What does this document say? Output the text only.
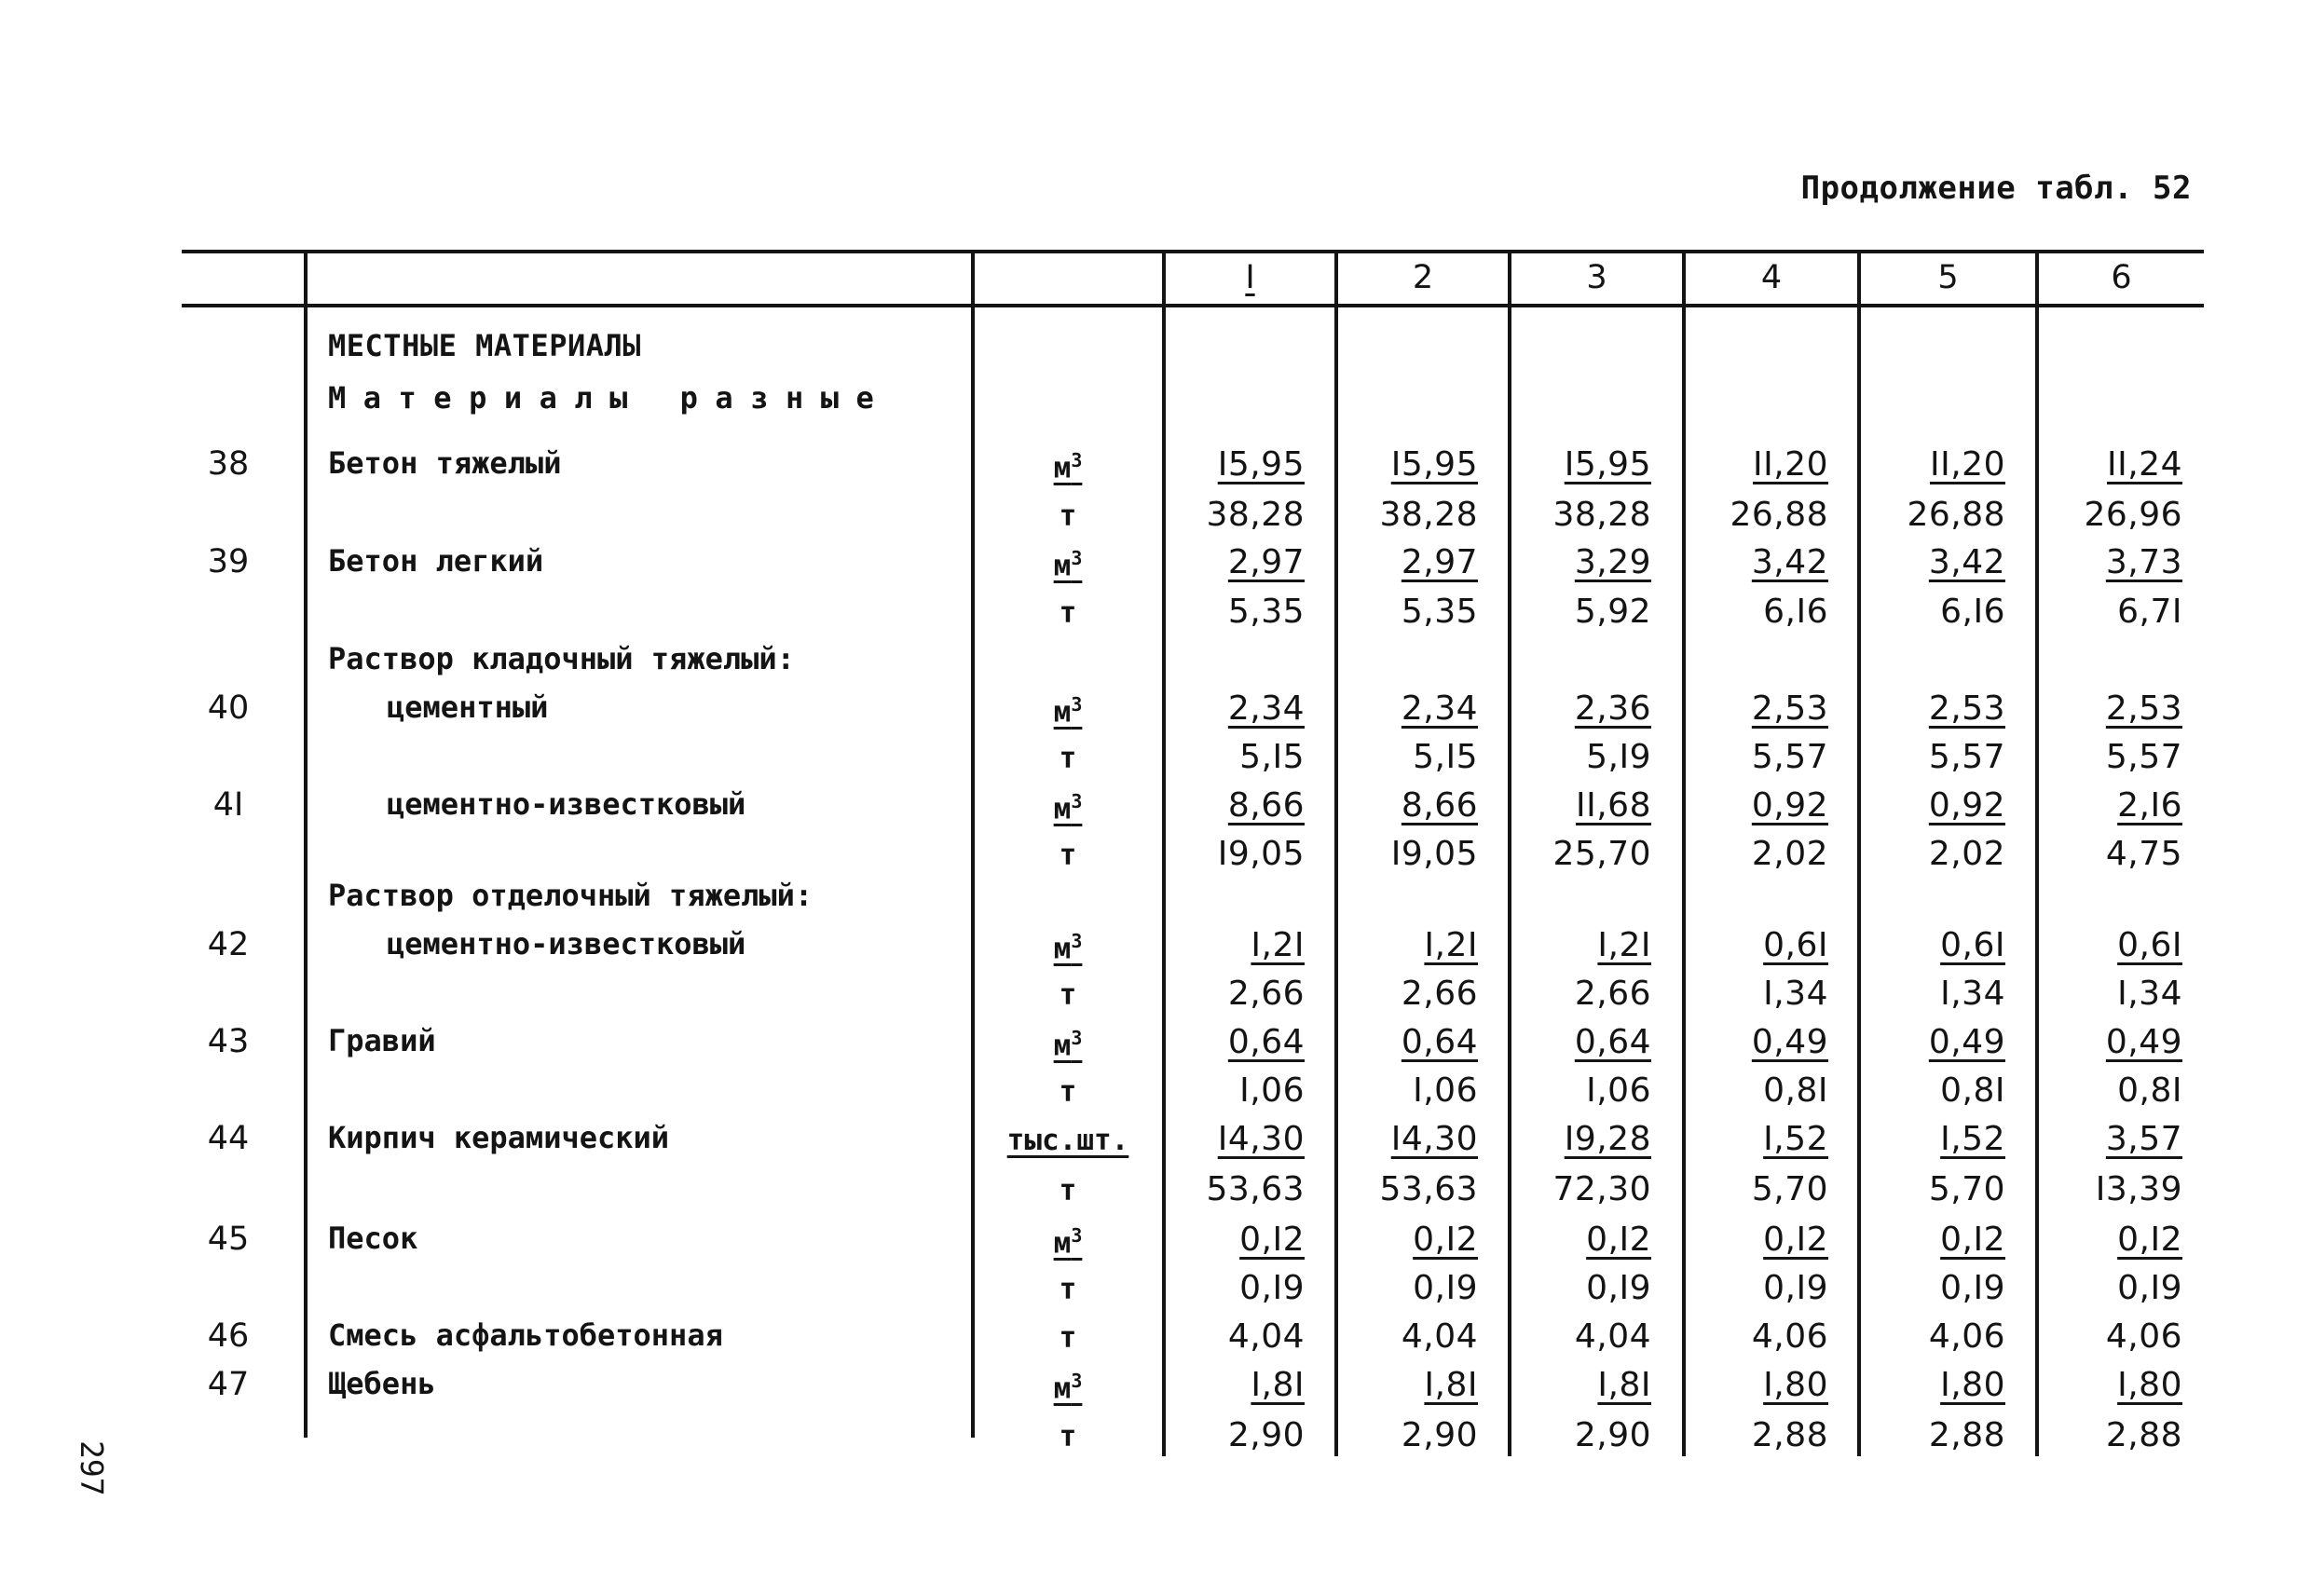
Продолжение табл. 52
297
I	2	3	4	5	6
МЕСТНЫЕ МАТЕРИАЛЫ
Материалы разные
38	Бетон тяжелый	$м^3$	I5,95	I5,95	I5,95	II,20	II,20	II,24
т	38,28	38,28	38,28	26,88	26,88	26,96
39	Бетон легкий	$м^3$	2,97	2,97	3,29	3,42	3,42	3,73
т	5,35	5,35	5,92	6,I6	6,I6	6,7I
Раствор кладочный тяжелый:
40	цементный	$м^3$	2,34	2,34	2,36	2,53	2,53	2,53
т	5,I5	5,I5	5,I9	5,57	5,57	5,57
4I	цементно-известковый	$м^3$	8,66	8,66	II,68	0,92	0,92	2,I6
т	I9,05	I9,05	25,70	2,02	2,02	4,75
Раствор отделочный тяжелый:
42	цементно-известковый	$м^3$	I,2I	I,2I	I,2I	0,6I	0,6I	0,6I
т	2,66	2,66	2,66	I,34	I,34	I,34
43	Гравий	$м^3$	0,64	0,64	0,64	0,49	0,49	0,49
т	I,06	I,06	I,06	0,8I	0,8I	0,8I
44	Кирпич керамический	тыс.шт.	I4,30	I4,30	I9,28	I,52	I,52	3,57
т	53,63	53,63	72,30	5,70	5,70	I3,39
45	Песок	$м^3$	0,I2	0,I2	0,I2	0,I2	0,I2	0,I2
т	0,I9	0,I9	0,I9	0,I9	0,I9	0,I9
46	Смесь асфальтобетонная	т	4,04	4,04	4,04	4,06	4,06	4,06
47	Щебень	$м^3$	I,8I	I,8I	I,8I	I,80	I,80	I,80
т	2,90	2,90	2,90	2,88	2,88	2,88
